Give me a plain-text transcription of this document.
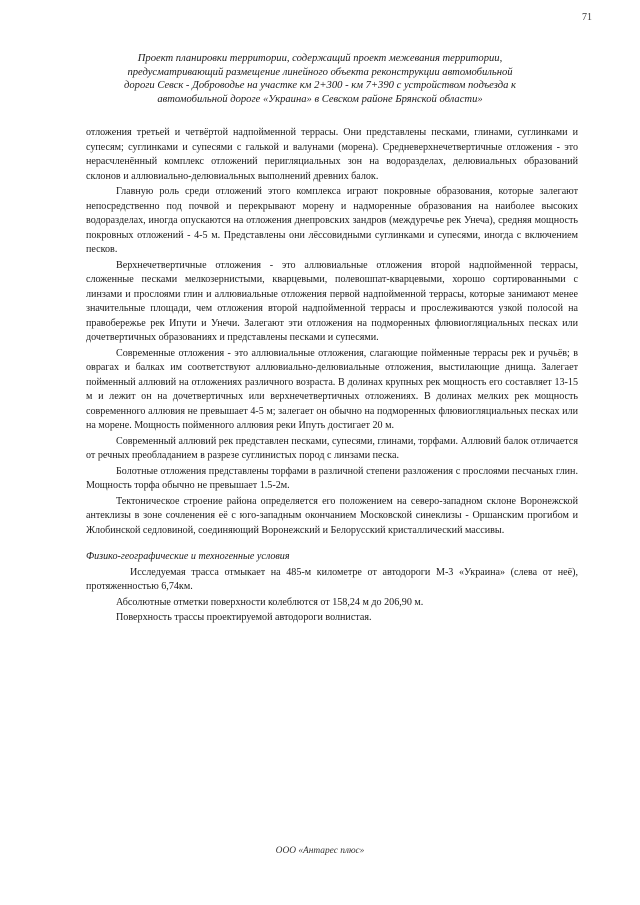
71
Проект планировки территории, содержащий проект межевания территории,
предусматривающий размещение линейного объекта реконструкции автомобильной
дороги Севск - Доброводье на участке км 2+300 - км 7+390 с устройством подъезда к
автомобильной дороге «Украина» в Севском районе Брянской области»

отложения третьей и четвёртой надпойменной террасы. Они представлены песками, глинами, суглинками и супесям; суглинками и супесями с галькой и валунами (морена). Средневерхнечетвертичные отложения - это нерасчленённый комплекс отложений перигляциальных зон на водоразделах, делювиальных образований склонов и аллювиально-делювиальных выполнений древних балок.

Главную роль среди отложений этого комплекса играют покровные образования, которые залегают непосредственно под почвой и перекрывают морену и надморенные образования на наиболее высоких водоразделах, иногда опускаются на отложения днепровских зандров (междуречье рек Унеча), средняя мощность покровных отложений - 4-5 м. Представлены они лёссовидными суглинками и супесями, иногда с включением песков.

Верхнечетвертичные отложения - это аллювиальные отложения второй надпойменной террасы, сложенные песками мелкозернистыми, кварцевыми, полевошпат-кварцевыми, хорошо сортированными с линзами и прослоями глин и аллювиальные отложения первой надпойменной террасы, которые занимают менее значительные площади, чем отложения второй надпойменной террасы и прослеживаются узкой полосой на правобережье рек Ипути и Унечи. Залегают эти отложения на подморенных флювиогляциальных песках или дочетвертичных образованиях и представлены песками и супесями.

Современные отложения - это аллювиальные отложения, слагающие пойменные террасы рек и ручьёв; в оврагах и балках им соответствуют аллювиально-делювиальные отложения, выстилающие днища. Залегает пойменный аллювий на отложениях различного возраста. В долинах крупных рек мощность его составляет 13-15 м и лежит он на дочетвертичных или верхнечетвертичных отложениях. В долинах мелких рек мощность современного аллювия не превышает 4-5 м; залегает он обычно на подморенных флювиогляциальных песках или на морене. Мощность пойменного аллювия реки Ипуть достигает 20 м.

Современный аллювий рек представлен песками, супесями, глинами, торфами. Аллювий балок отличается от речных преобладанием в разрезе суглинистых пород с линзами песка.

Болотные отложения представлены торфами в различной степени разложения с прослоями песчаных глин. Мощность торфа обычно не превышает 1.5-2м.

Тектоническое строение района определяется его положением на северо-западном склоне Воронежской антеклизы в зоне сочленения её с юго-западным окончанием Московской синеклизы - Оршанским прогибом и Жлобинской седловиной, соединяющий Воронежский и Белорусский кристаллический массивы.

Физико-географические и техногенные условия

Исследуемая трасса отмыкает на 485-м километре от автодороги М-3 «Украина» (слева от неё), протяженностью 6,74км.

Абсолютные отметки поверхности колеблются от 158,24 м до 206,90 м.

Поверхность трассы проектируемой автодороги волнистая.

ООО «Антарес плюс»
